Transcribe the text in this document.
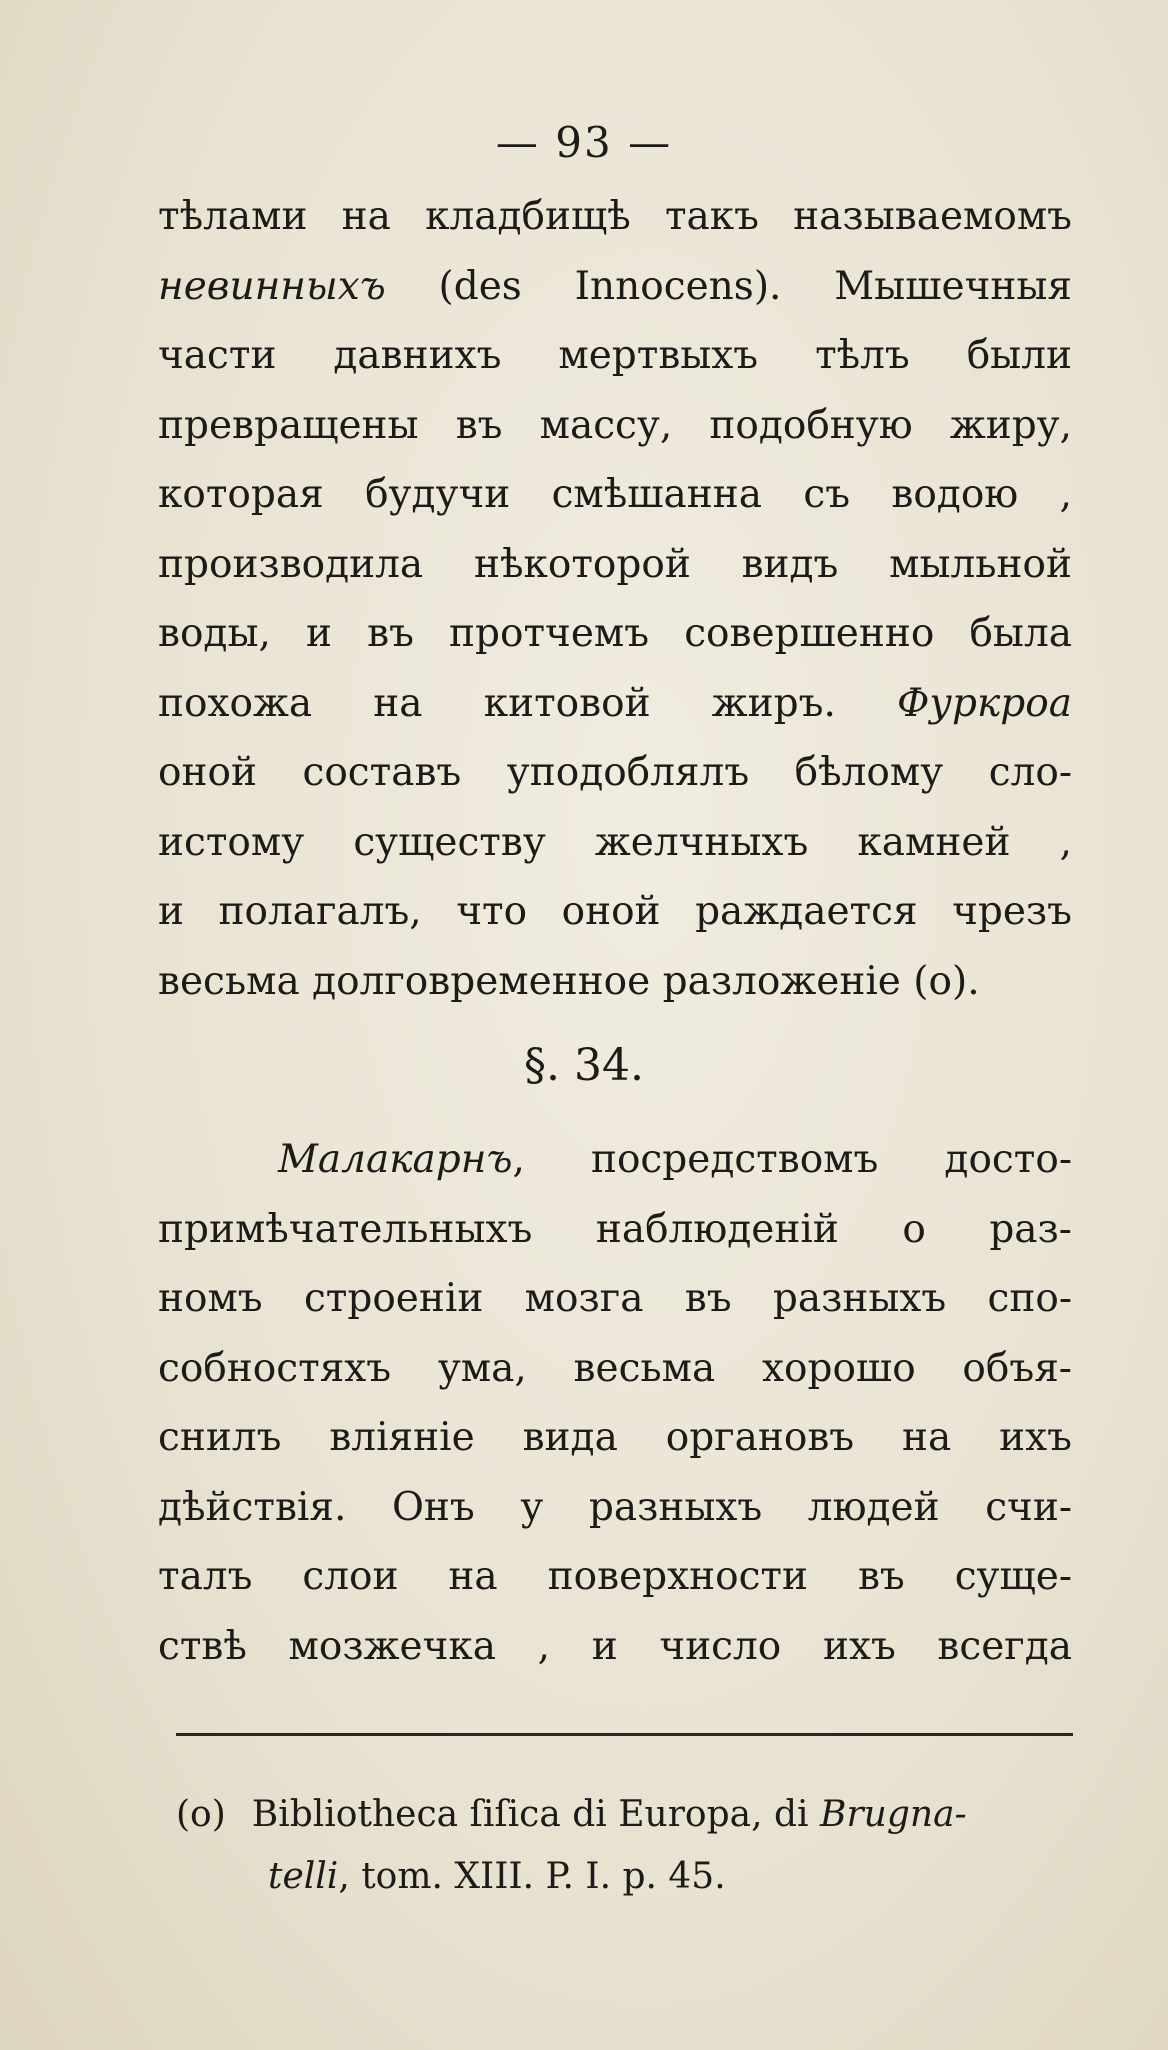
— 93 —
тѣлами на кладбищѣ такъ называемомъ
невинныхъ (des Innocens). Мышечныя
части давнихъ мертвыхъ тѣлъ были
превращены въ массу, подобную жиру,
которая будучи смѣшанна съ водою ,
производила нѣкоторой видъ мыльной
воды, и въ протчемъ совершенно была
похожа на китовой жиръ. Фуркроа
оной составъ уподоблялъ бѣлому сло-
истому существу желчныхъ камней ,
и полагалъ, что оной раждается чрезъ
весьма долговременное разложеніе (о).
§. 34.
Малакарнъ, посредствомъ досто-
примѣчательныхъ наблюденій о раз-
номъ строеніи мозга въ разныхъ спо-
собностяхъ ума, весьма хорошо объя-
снилъ вліяніе вида органовъ на ихъ
дѣйствія. Онъ у разныхъ людей счи-
талъ слои на поверхности въ суще-
ствѣ мозжечка , и число ихъ всегда
(o) Bibliotheca ſiſica di Europa, di Brugna-
telli, tom. XIII. P. I. p. 45.
